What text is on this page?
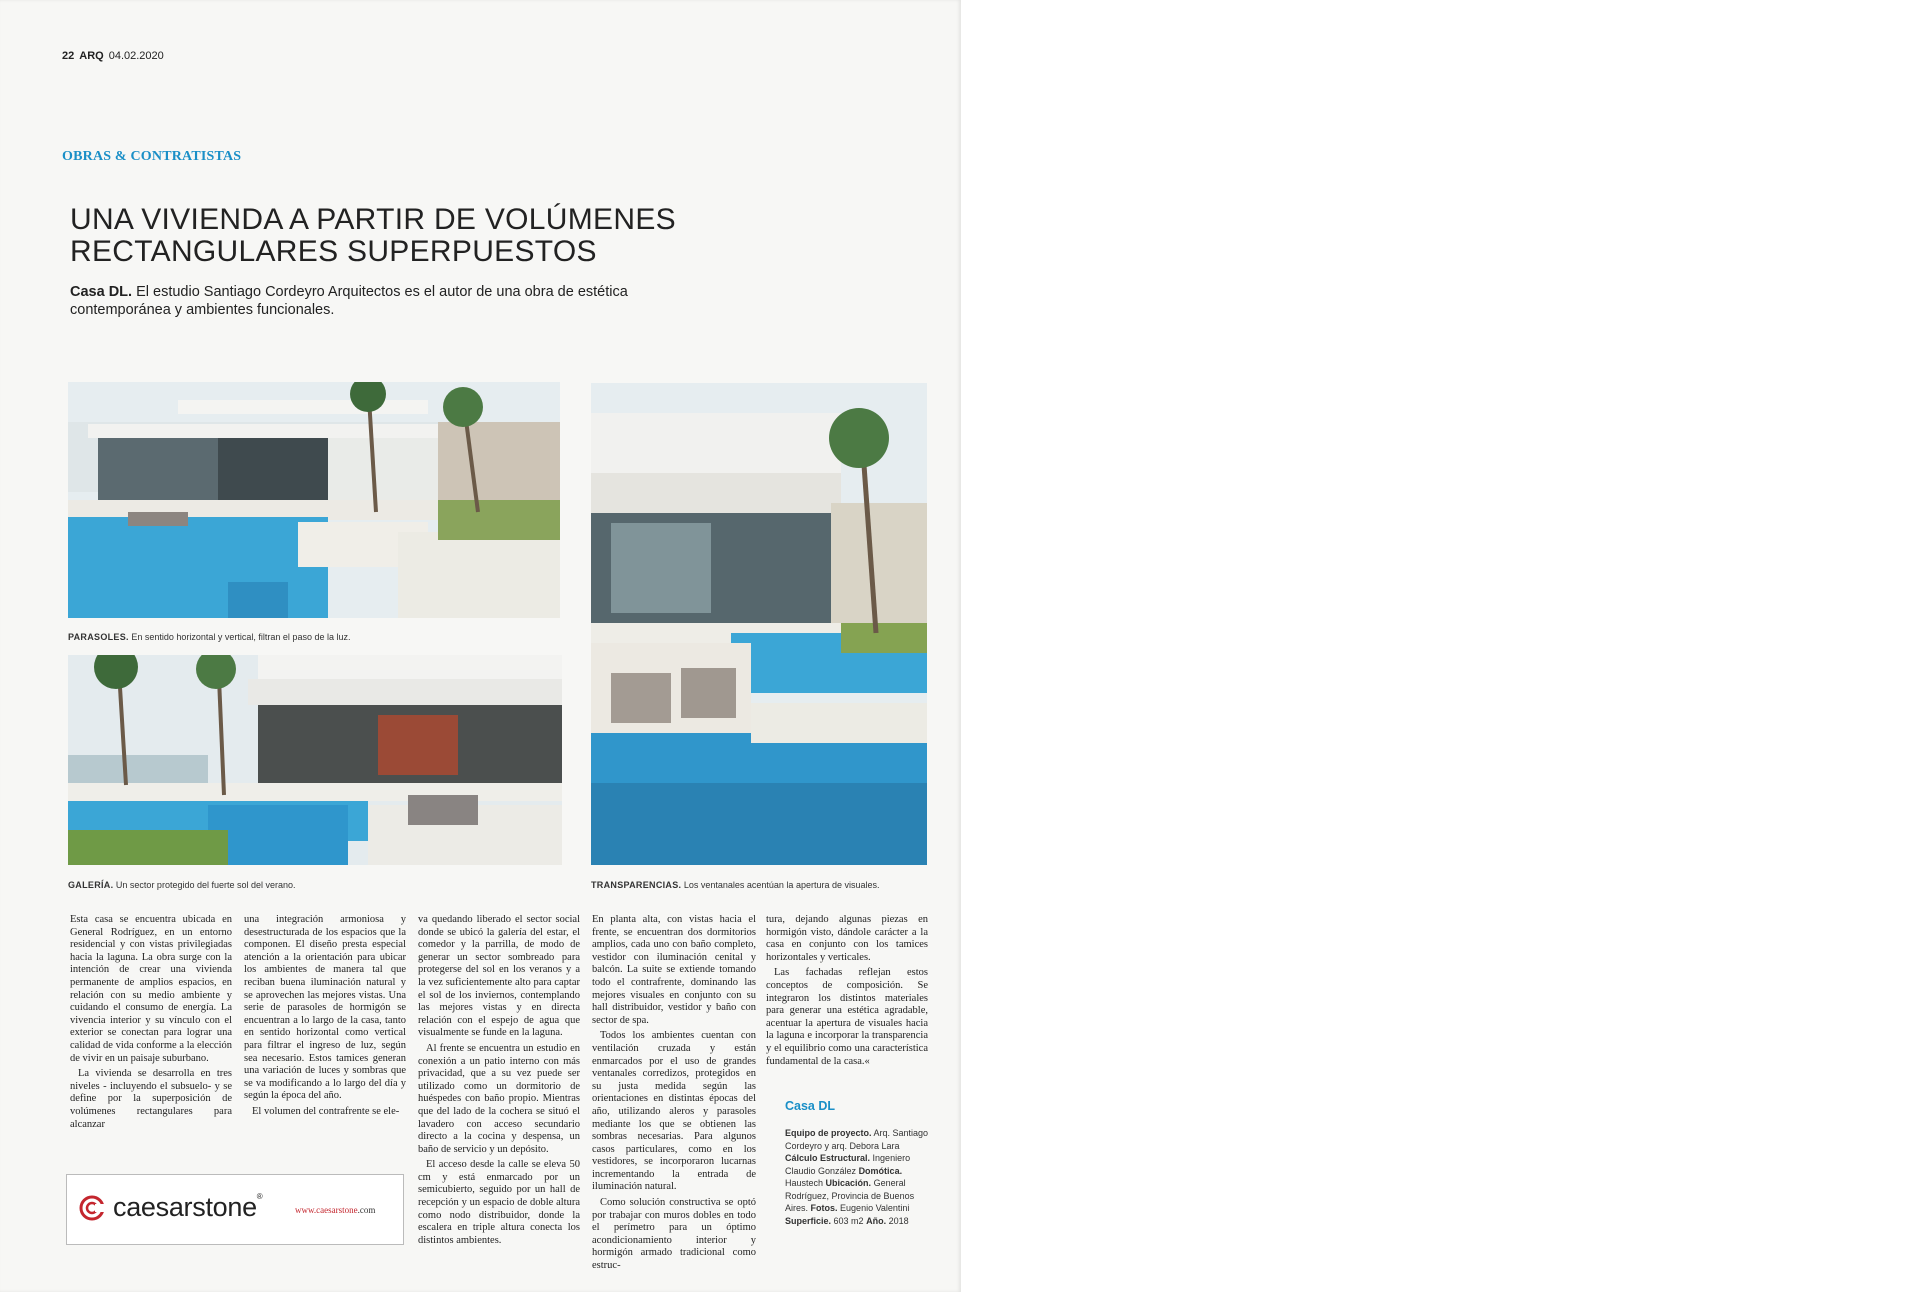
22 ARQ 04.02.2020
OBRAS & CONTRATISTAS
UNA VIVIENDA A PARTIR DE VOLÚMENES RECTANGULARES SUPERPUESTOS
Casa DL. El estudio Santiago Cordeyro Arquitectos es el autor de una obra de estética contemporánea y ambientes funcionales.
PARASOLES. En sentido horizontal y vertical, filtran el paso de la luz.
GALERÍA. Un sector protegido del fuerte sol del verano.	TRANSPARENCIAS. Los ventanales acentúan la apertura de visuales.

Esta casa se encuentra ubicada en General Rodríguez, en un entorno residencial y con vistas privilegiadas hacia la laguna. La obra surge con la intención de crear una vivienda permanente de amplios espacios, en relación con su medio ambiente y cuidando el consumo de energía. La vivencia interior y su vínculo con el exterior se conectan para lograr una calidad de vida conforme a la elección de vivir en un paisaje suburbano.

La vivienda se desarrolla en tres niveles - incluyendo el subsuelo- y se define por la superposición de volúmenes rectangulares para alcanzar

una integración armoniosa y desestructurada de los espacios que la componen. El diseño presta especial atención a la orientación para ubicar los ambientes de manera tal que reciban buena iluminación natural y se aprovechen las mejores vistas. Una serie de parasoles de hormigón se encuentran a lo largo de la casa, tanto en sentido horizontal como vertical para filtrar el ingreso de luz, según sea necesario. Estos tamices generan una variación de luces y sombras que se va modificando a lo largo del día y según la época del año.

El volumen del contrafrente se ele-

va quedando liberado el sector social donde se ubicó la galería del estar, el comedor y la parrilla, de modo de generar un sector sombreado para protegerse del sol en los veranos y a la vez suficientemente alto para captar el sol de los inviernos, contemplando las mejores vistas y en directa relación con el espejo de agua que visualmente se funde en la laguna.

Al frente se encuentra un estudio en conexión a un patio interno con más privacidad, que a su vez puede ser utilizado como un dormitorio de huéspedes con baño propio. Mientras que del lado de la cochera se situó el lavadero con acceso secundario directo a la cocina y despensa, un baño de servicio y un depósito.

El acceso desde la calle se eleva 50 cm y está enmarcado por un semicubierto, seguido por un hall de recepción y un espacio de doble altura como nodo distribuidor, donde la escalera en triple altura conecta los distintos ambientes.

En planta alta, con vistas hacia el frente, se encuentran dos dormitorios amplios, cada uno con baño completo, vestidor con iluminación cenital y balcón. La suite se extiende tomando todo el contrafrente, dominando las mejores visuales en conjunto con su hall distribuidor, vestidor y baño con sector de spa.

Todos los ambientes cuentan con ventilación cruzada y están enmarcados por el uso de grandes ventanales corredizos, protegidos en su justa medida según las orientaciones en distintas épocas del año, utilizando aleros y parasoles mediante los que se obtienen las sombras necesarias. Para algunos casos particulares, como en los vestidores, se incorporaron lucarnas incrementando la entrada de iluminación natural.

Como solución constructiva se optó por trabajar con muros dobles en todo el perímetro para un óptimo acondicionamiento interior y hormigón armado tradicional como estruc-

tura, dejando algunas piezas en hormigón visto, dándole carácter a la casa en conjunto con los tamices horizontales y verticales.

Las fachadas reflejan estos conceptos de composición. Se integraron los distintos materiales para generar una estética agradable, acentuar la apertura de visuales hacia la laguna e incorporar la transparencia y el equilibrio como una característica fundamental de la casa.«

Casa DL
Equipo de proyecto. Arq. Santiago Cordeyro y arq. Debora Lara Cálculo Estructural. Ingeniero Claudio González Domótica. Haustech Ubicación. General Rodríguez, Provincia de Buenos Aires. Fotos. Eugenio Valentini Superficie. 603 m2 Año. 2018
caesarstone®
www.caesarstone.com
